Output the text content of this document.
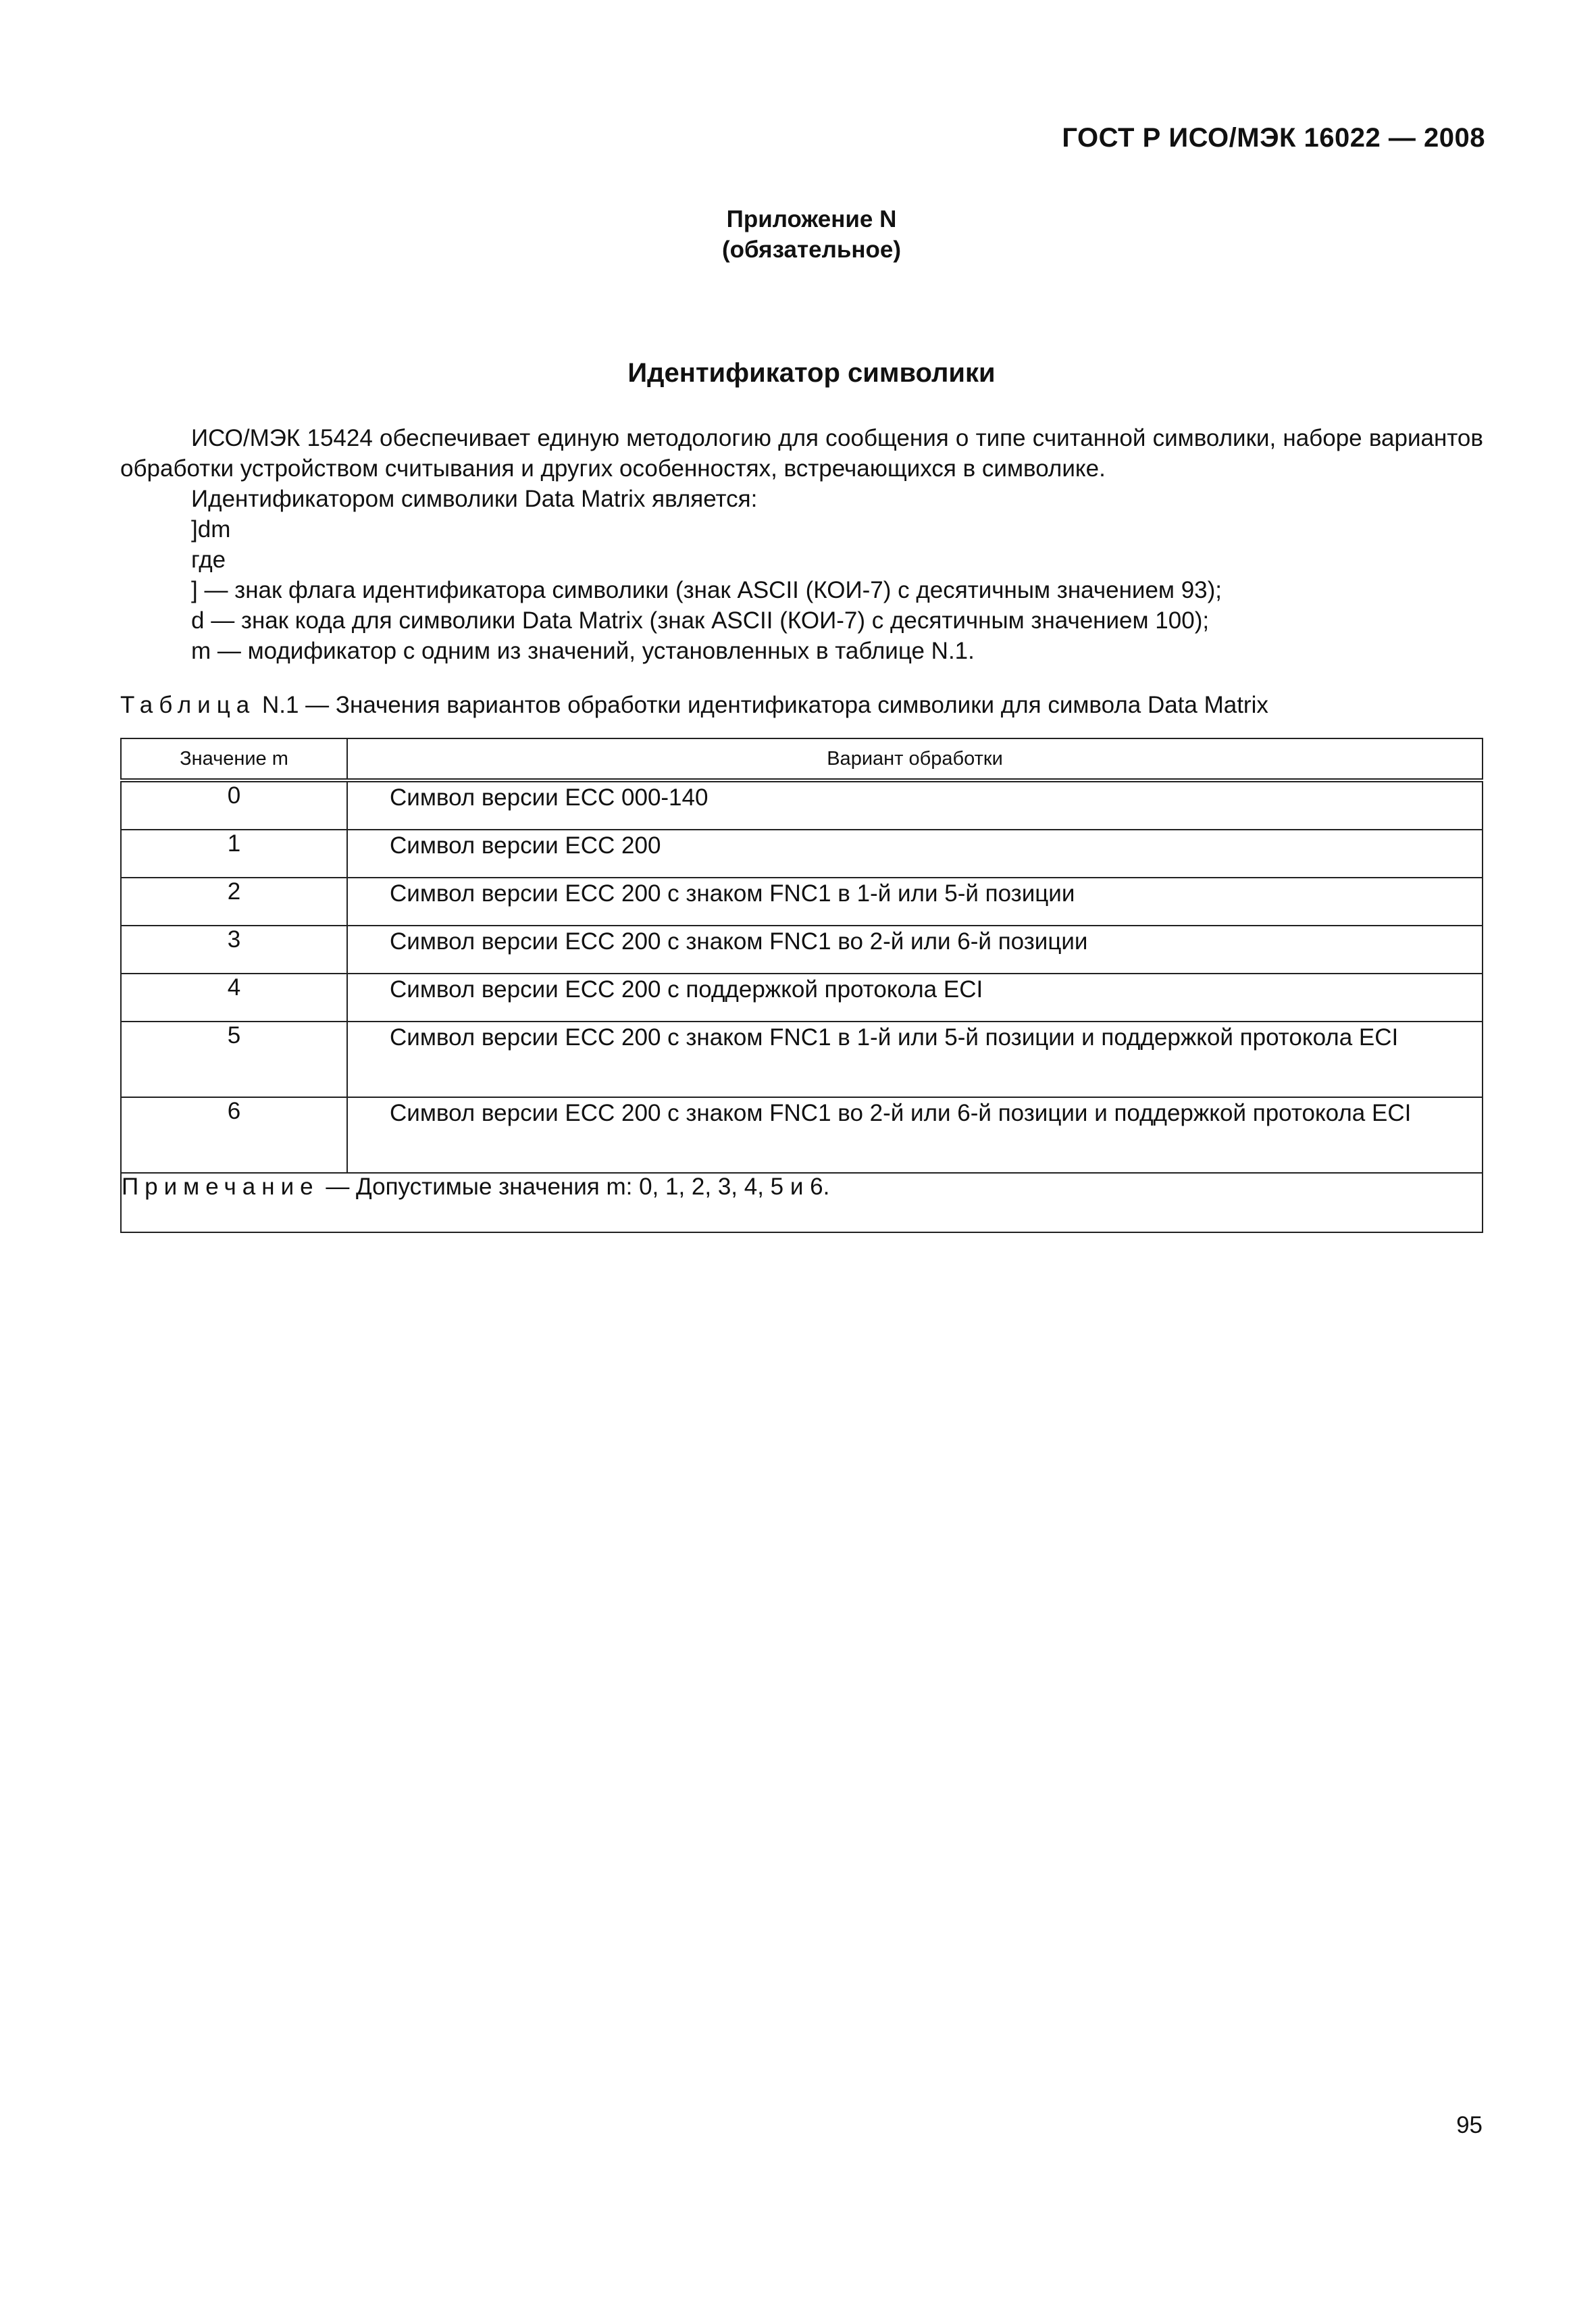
ГОСТ Р ИСО/МЭК 16022 — 2008
Приложение N
(обязательное)
Идентификатор символики
ИСО/МЭК 15424 обеспечивает единую методологию для сообщения о типе считанной символики, наборе вариантов обработки устройством считывания и других особенностях, встречающихся в символике.
Идентификатором символики Data Matrix является:
]dm
где
] — знак флага идентификатора символики (знак ASCII (КОИ-7) с десятичным значением 93);
d — знак кода для символики Data Matrix (знак ASCII (КОИ-7) с десятичным значением 100);
m — модификатор с одним из значений, установленных в таблице N.1.
Таблица N.1 — Значения вариантов обработки идентификатора символики для символа Data Matrix
Значение m	Вариант обработки
0	Символ версии ЕСС 000-140
1	Символ версии ЕСС 200
2	Символ версии ЕСС 200 с знаком FNC1 в 1-й или 5-й позиции
3	Символ версии ЕСС 200 с знаком FNC1 во 2-й или 6-й позиции
4	Символ версии ЕСС 200 с поддержкой протокола ECI
5	Символ версии ЕСС 200 с знаком FNC1 в 1-й или 5-й позиции и поддержкой протокола ECI

6	Символ версии ЕСС 200 с знаком FNC1 во 2-й или 6-й позиции и поддержкой протокола ECI

Примечание — Допустимые значения m: 0, 1, 2, 3, 4, 5 и 6.	
95
